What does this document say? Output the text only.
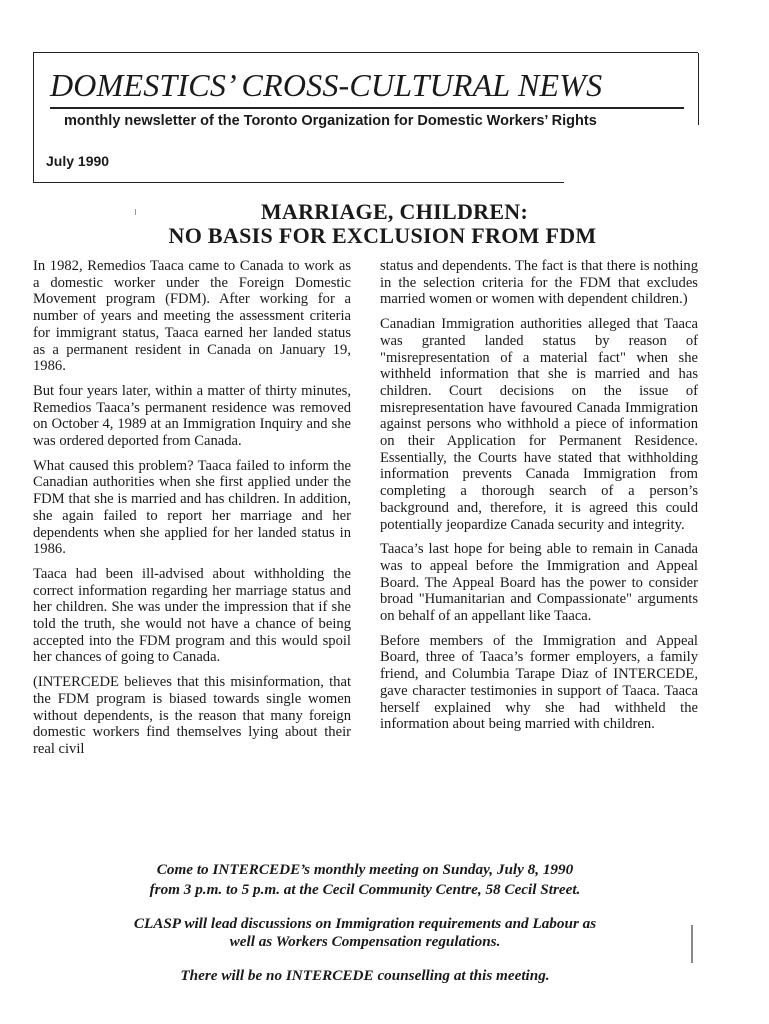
DOMESTICS’ CROSS-CULTURAL NEWS
monthly newsletter of the Toronto Organization for Domestic Workers’ Rights
July 1990
MARRIAGE, CHILDREN:
NO BASIS FOR EXCLUSION FROM FDM

In 1982, Remedios Taaca came to Canada to work as a domestic worker under the Foreign Domestic Movement program (FDM). After working for a number of years and meeting the assessment criteria for immigrant status, Taaca earned her landed status as a permanent resident in Canada on January 19, 1986.

But four years later, within a matter of thirty minutes, Remedios Taaca’s permanent residence was removed on October 4, 1989 at an Immigration Inquiry and she was ordered deported from Canada.

What caused this problem? Taaca failed to inform the Canadian authorities when she first applied under the FDM that she is married and has children. In addition, she again failed to report her marriage and her dependents when she applied for her landed status in 1986.

Taaca had been ill-advised about withholding the correct information regarding her marriage status and her children. She was under the impression that if she told the truth, she would not have a chance of being accepted into the FDM program and this would spoil her chances of going to Canada.

(INTERCEDE believes that this misinformation, that the FDM program is biased towards single women without dependents, is the reason that many foreign domestic workers find themselves lying about their real civil

status and dependents. The fact is that there is nothing in the selection criteria for the FDM that excludes married women or women with dependent children.)

Canadian Immigration authorities alleged that Taaca was granted landed status by reason of "misrepresentation of a material fact" when she withheld information that she is married and has children. Court decisions on the issue of misrepresentation have favoured Canada Immigration against persons who withhold a piece of information on their Application for Permanent Residence. Essentially, the Courts have stated that withholding information prevents Canada Immigration from completing a thorough search of a person’s background and, therefore, it is agreed this could potentially jeopardize Canada security and integrity.

Taaca’s last hope for being able to remain in Canada was to appeal before the Immigration and Appeal Board. The Appeal Board has the power to consider broad "Humanitarian and Compassionate" arguments on behalf of an appellant like Taaca.

Before members of the Immigration and Appeal Board, three of Taaca’s former employers, a family friend, and Columbia Tarape Diaz of INTERCEDE, gave character testimonies in support of Taaca. Taaca herself explained why she had withheld the information about being married with children.

Come to INTERCEDE’s monthly meeting on Sunday, July 8, 1990
from 3 p.m. to 5 p.m. at the Cecil Community Centre, 58 Cecil Street.
CLASP will lead discussions on Immigration requirements and Labour as
well as Workers Compensation regulations.
There will be no INTERCEDE counselling at this meeting.
